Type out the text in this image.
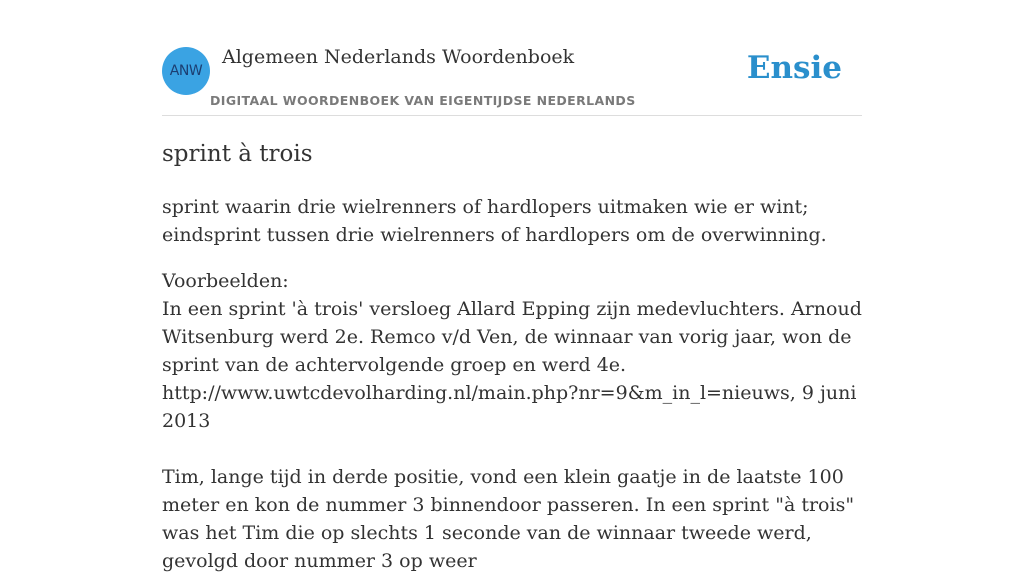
ANW
Algemeen Nederlands Woordenboek
DIGITAAL WOORDENBOEK VAN EIGENTIJDSE NEDERLANDS
Ensie
sprint à trois

sprint waarin drie wielrenners of hardlopers uitmaken wie er wint; eindsprint tussen drie wielrenners of hardlopers om de overwinning.

Voorbeelden:

In een sprint 'à trois' versloeg Allard Epping zijn medevluchters. Arnoud Witsenburg werd 2e. Remco v/d Ven, de winnaar van vorig jaar, won de sprint van de achtervolgende groep en werd 4e.

http://www.uwtcdevolharding.nl/main.php?nr=9&m_in_l=nieuws, 9 juni 2013

Tim, lange tijd in derde positie, vond een klein gaatje in de laatste 100 meter en kon de nummer 3 binnendoor passeren. In een sprint "à trois" was het Tim die op slechts 1 seconde van de winnaar tweede werd, gevolgd door nummer 3 op weer
